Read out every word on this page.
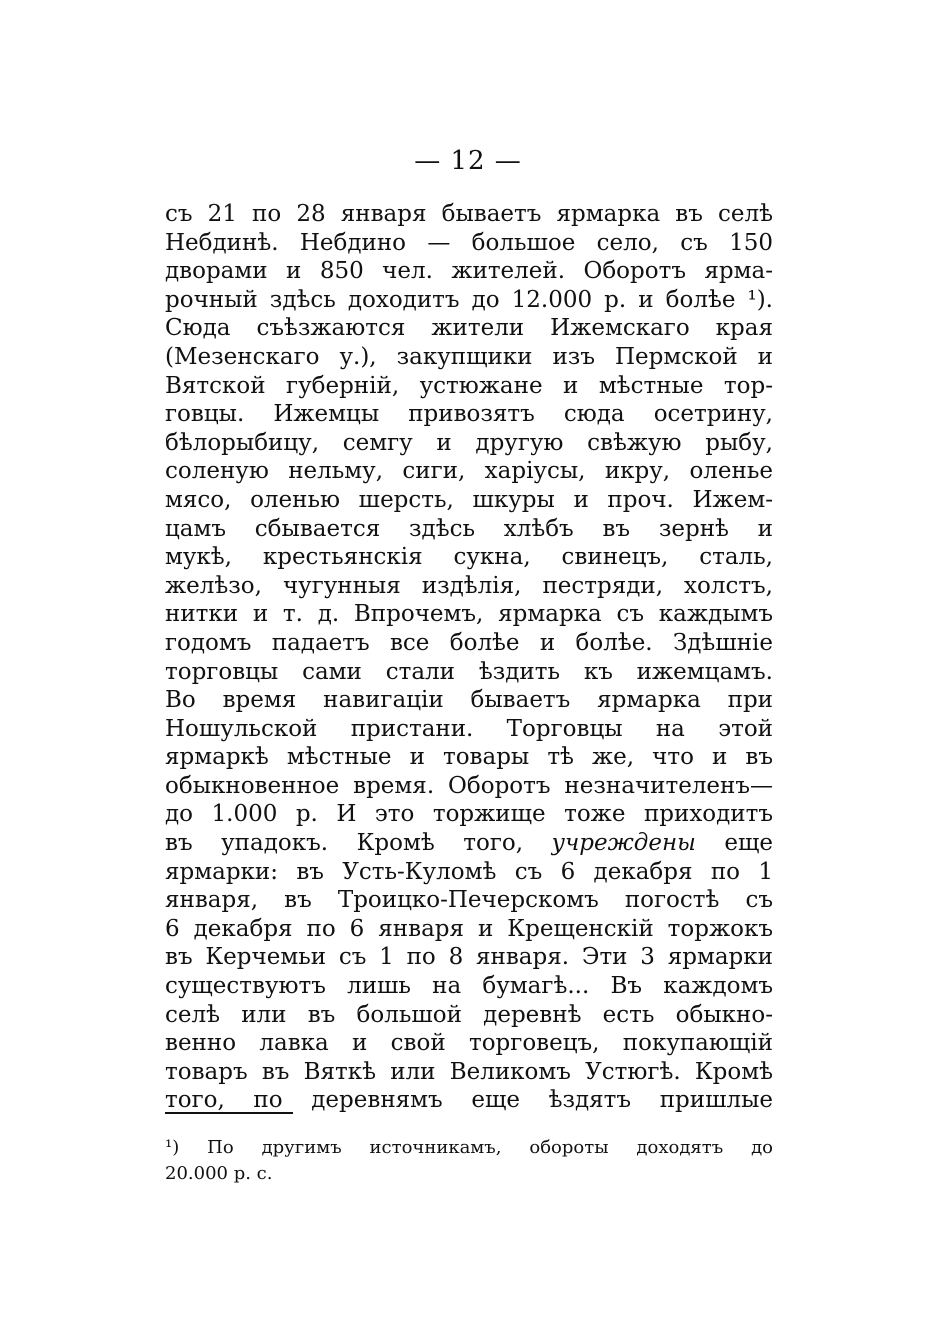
— 12 —
съ 21 по 28 января бываетъ ярмарка въ селѣ
Небдинѣ. Небдино — большое село, съ 150
дворами и 850 чел. жителей. Оборотъ ярма-
рочный здѣсь доходитъ до 12.000 р. и болѣе ¹).
Сюда съѣзжаются жители Ижемскаго края
(Мезенскаго у.), закупщики изъ Пермской и
Вятской губерній, устюжане и мѣстные тор-
говцы. Ижемцы привозятъ сюда осетрину,
бѣлорыбицу, семгу и другую свѣжую рыбу,
соленую нельму, сиги, харіусы, икру, оленье
мясо, оленью шерсть, шкуры и проч. Ижем-
цамъ сбывается здѣсь хлѣбъ въ зернѣ и
мукѣ, крестьянскія сукна, свинецъ, сталь,
желѣзо, чугунныя издѣлія, пестряди, холстъ,
нитки и т. д. Впрочемъ, ярмарка съ каждымъ
годомъ падаетъ все болѣе и болѣе. Здѣшніе
торговцы сами стали ѣздить къ ижемцамъ.
Во время навигаціи бываетъ ярмарка при
Ношульской пристани. Торговцы на этой
ярмаркѣ мѣстные и товары тѣ же, что и въ
обыкновенное время. Оборотъ незначителенъ—
до 1.000 р. И это торжище тоже приходитъ
въ упадокъ. Кромѣ того, учреждены еще
ярмарки: въ Усть-Куломѣ съ 6 декабря по 1
января, въ Троицко-Печерскомъ погостѣ съ
6 декабря по 6 января и Крещенскій торжокъ
въ Керчемьи съ 1 по 8 января. Эти 3 ярмарки
существуютъ лишь на бумагѣ... Въ каждомъ
селѣ или въ большой деревнѣ есть обыкно-
венно лавка и свой торговецъ, покупающій
товаръ въ Вяткѣ или Великомъ Устюгѣ. Кромѣ
того, по деревнямъ еще ѣздятъ пришлые
¹) По другимъ источникамъ, обороты доходятъ до
20.000 р. с.
